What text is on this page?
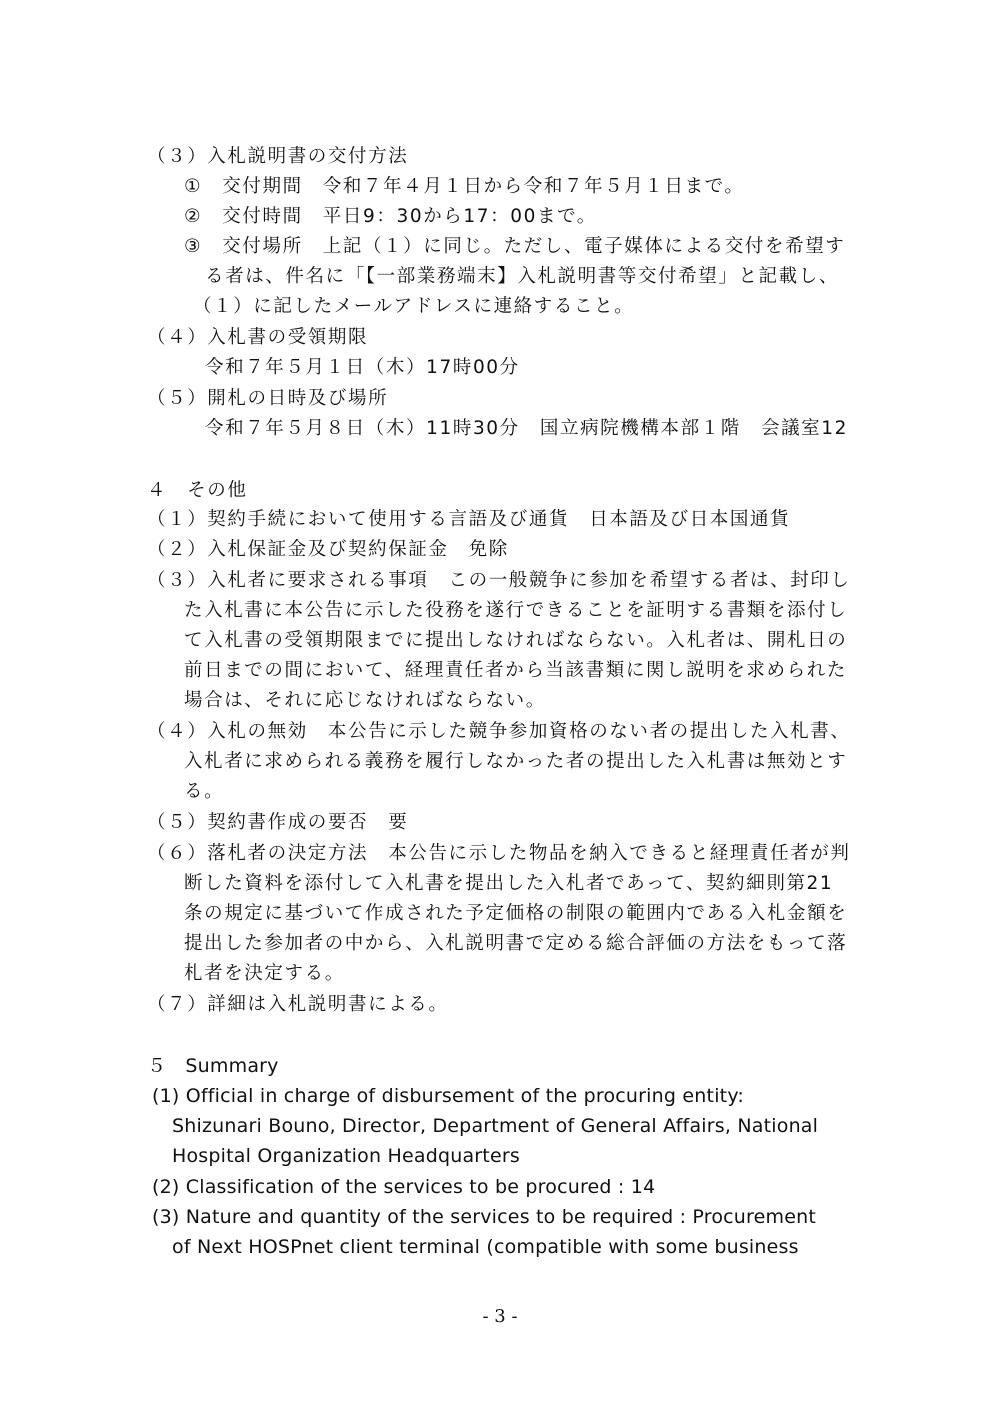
（３）入札説明書の交付方法
①　交付期間　令和７年４月１日から令和７年５月１日まで。
②　交付時間　平日9：30から17：00まで。
③　交付場所　上記（１）に同じ。ただし、電子媒体による交付を希望す
る者は、件名に「【一部業務端末】入札説明書等交付希望」と記載し、
（１）に記したメールアドレスに連絡すること。
（４）入札書の受領期限
令和７年５月１日（木）17時00分
（５）開札の日時及び場所
令和７年５月８日（木）11時30分　国立病院機構本部１階　会議室12
４　その他
（１）契約手続において使用する言語及び通貨　日本語及び日本国通貨
（２）入札保証金及び契約保証金　免除
（３）入札者に要求される事項　この一般競争に参加を希望する者は、封印し
た入札書に本公告に示した役務を遂行できることを証明する書類を添付し
て入札書の受領期限までに提出しなければならない。入札者は、開札日の
前日までの間において、経理責任者から当該書類に関し説明を求められた
場合は、それに応じなければならない。
（４）入札の無効　本公告に示した競争参加資格のない者の提出した入札書、
入札者に求められる義務を履行しなかった者の提出した入札書は無効とす
る。
（５）契約書作成の要否　要
（６）落札者の決定方法　本公告に示した物品を納入できると経理責任者が判
断した資料を添付して入札書を提出した入札者であって、契約細則第21
条の規定に基づいて作成された予定価格の制限の範囲内である入札金額を
提出した参加者の中から、入札説明書で定める総合評価の方法をもって落
札者を決定する。
（７）詳細は入札説明書による。
５　Summary
(1) Official in charge of disbursement of the procuring entity:
Shizunari Bouno, Director, Department of General Affairs, National
Hospital Organization Headquarters
(2) Classification of the services to be procured : 14
(3) Nature and quantity of the services to be required : Procurement
of Next HOSPnet client terminal (compatible with some business
- 3 -
